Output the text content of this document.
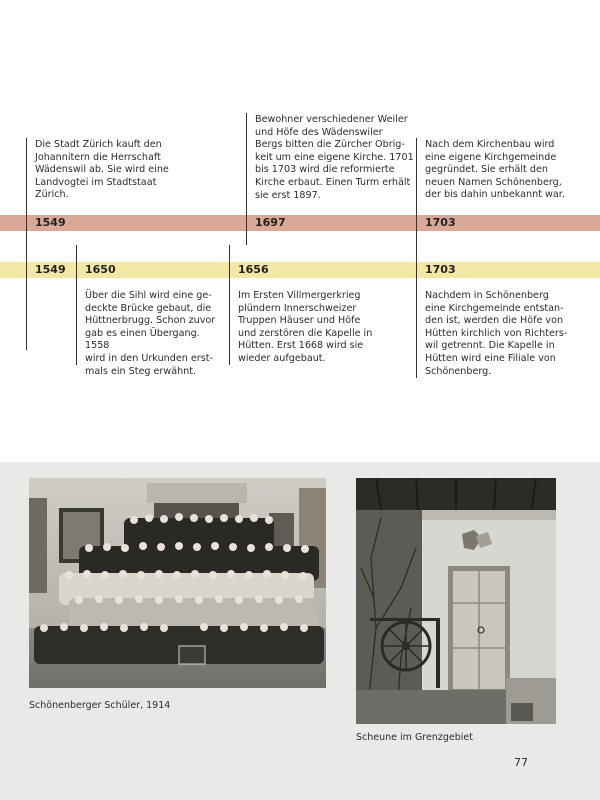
Die Stadt Zürich kauft den
Johannitern die Herrschaft
Wädenswil ab. Sie wird eine
Landvogtei im Stadtstaat
Zürich.
Bewohner verschiedener Weiler
und Höfe des Wädenswiler
Bergs bitten die Zürcher Obrig-
keit um eine eigene Kirche. 1701
bis 1703 wird die reformierte
Kirche erbaut. Einen Turm erhält
sie erst 1897.
Nach dem Kirchenbau wird
eine eigene Kirchgemeinde
gegründet. Sie erhält den
neuen Namen Schönenberg,
der bis dahin unbekannt war.
1549	1697	1703
1549 1650	1656	1703
Über die Sihl wird eine ge-
deckte Brücke gebaut, die
Hüttnerbrugg. Schon zuvor
gab es einen Übergang. 1558
wird in den Urkunden erst-
mals ein Steg erwähnt.
Im Ersten Villmergerkrieg
plündern Innerschweizer
Truppen Häuser und Höfe
und zerstören die Kapelle in
Hütten. Erst 1668 wird sie
wieder aufgebaut.
Nachdem in Schönenberg
eine Kirchgemeinde entstan-
den ist, werden die Höfe von
Hütten kirchlich von Richters-
wil getrennt. Die Kapelle in
Hütten wird eine Filiale von
Schönenberg.
Schönenberger Schüler, 1914
Scheune im Grenzgebiet
77
